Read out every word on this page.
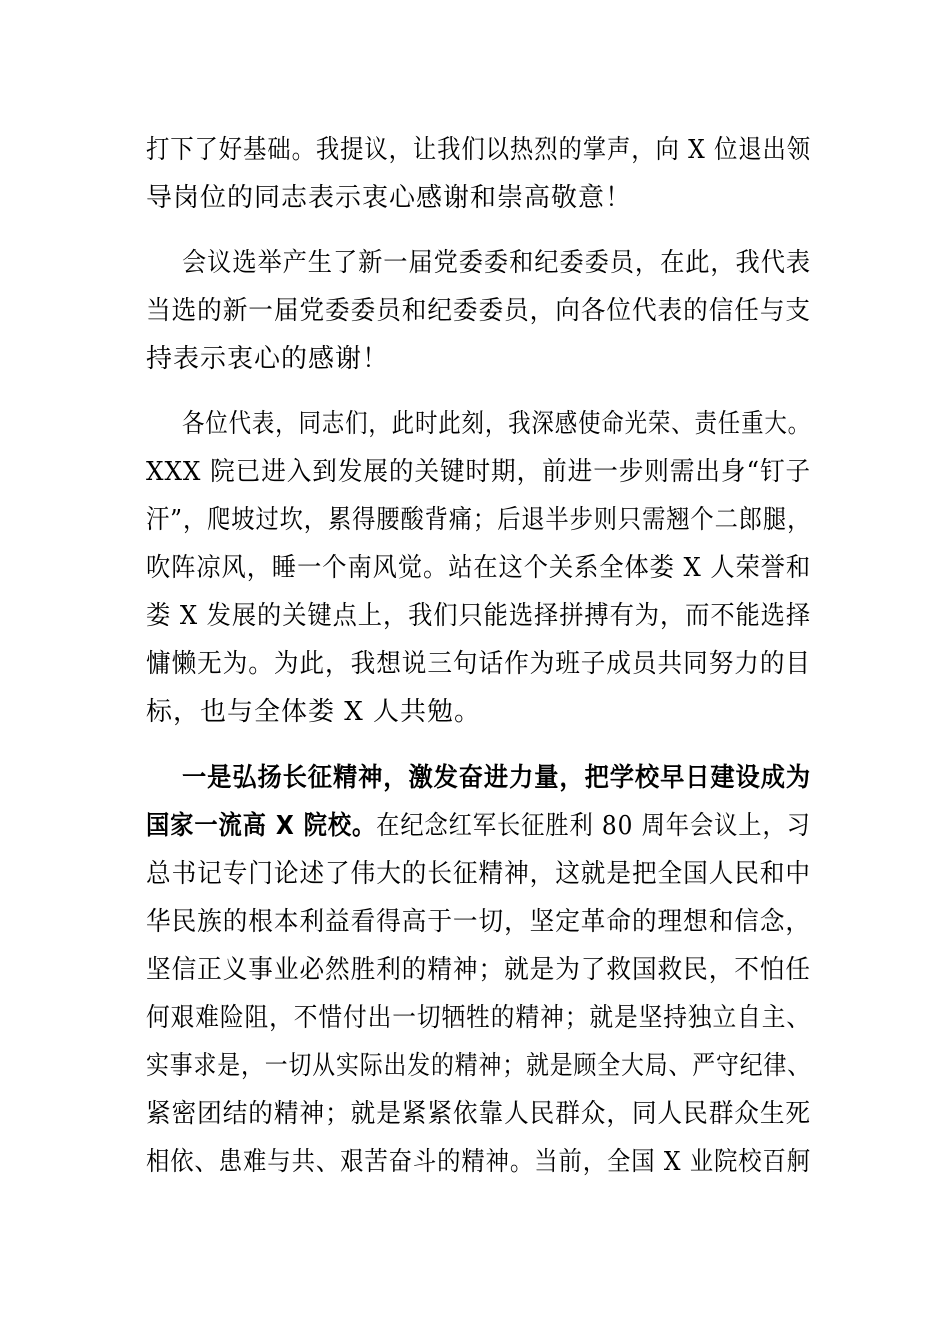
打下了好基础。我提议，让我们以热烈的掌声，向 X 位退出领
导岗位的同志表示衷心感谢和崇高敬意！
会议选举产生了新一届党委委和纪委委员，在此，我代表
当选的新一届党委委员和纪委委员，向各位代表的信任与支
持表示衷心的感谢！
各位代表，同志们，此时此刻，我深感使命光荣、责任重大。
XXX 院已进入到发展的关键时期，前进一步则需出身“钉子
汗”，爬坡过坎，累得腰酸背痛；后退半步则只需翘个二郎腿，
吹阵凉风，睡一个南风觉。站在这个关系全体娄 X 人荣誉和
娄 X 发展的关键点上，我们只能选择拼搏有为，而不能选择
慵懒无为。为此，我想说三句话作为班子成员共同努力的目
标，也与全体娄 X 人共勉。
一是弘扬长征精神，激发奋进力量，把学校早日建设成为
国家一流高 X 院校。在纪念红军长征胜利 80 周年会议上，习
总书记专门论述了伟大的长征精神，这就是把全国人民和中
华民族的根本利益看得高于一切，坚定革命的理想和信念，
坚信正义事业必然胜利的精神；就是为了救国救民，不怕任
何艰难险阻，不惜付出一切牺牲的精神；就是坚持独立自主、
实事求是，一切从实际出发的精神；就是顾全大局、严守纪律、
紧密团结的精神；就是紧紧依靠人民群众，同人民群众生死
相依、患难与共、艰苦奋斗的精神。当前，全国 X 业院校百舸
